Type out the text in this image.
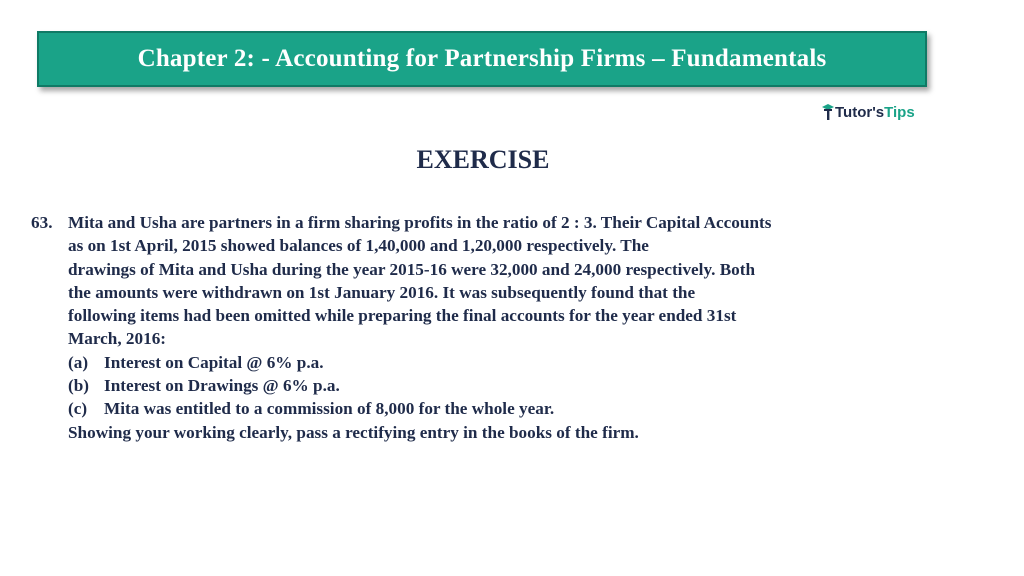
Chapter 2: - Accounting for Partnership Firms – Fundamentals
Tutor's Tips
EXERCISE
63. Mita and Usha are partners in a firm sharing profits in the ratio of 2 : 3. Their Capital Accounts
as on 1st April, 2015 showed balances of 1,40,000 and 1,20,000 respectively. The
drawings of Mita and Usha during the year 2015-16 were 32,000 and 24,000 respectively. Both
the amounts were withdrawn on 1st January 2016. It was subsequently found that the
following items had been omitted while preparing the final accounts for the year ended 31st
March, 2016:
(a) Interest on Capital @ 6% p.a.
(b) Interest on Drawings @ 6% p.a.
(c) Mita was entitled to a commission of 8,000 for the whole year.
Showing your working clearly, pass a rectifying entry in the books of the firm.
